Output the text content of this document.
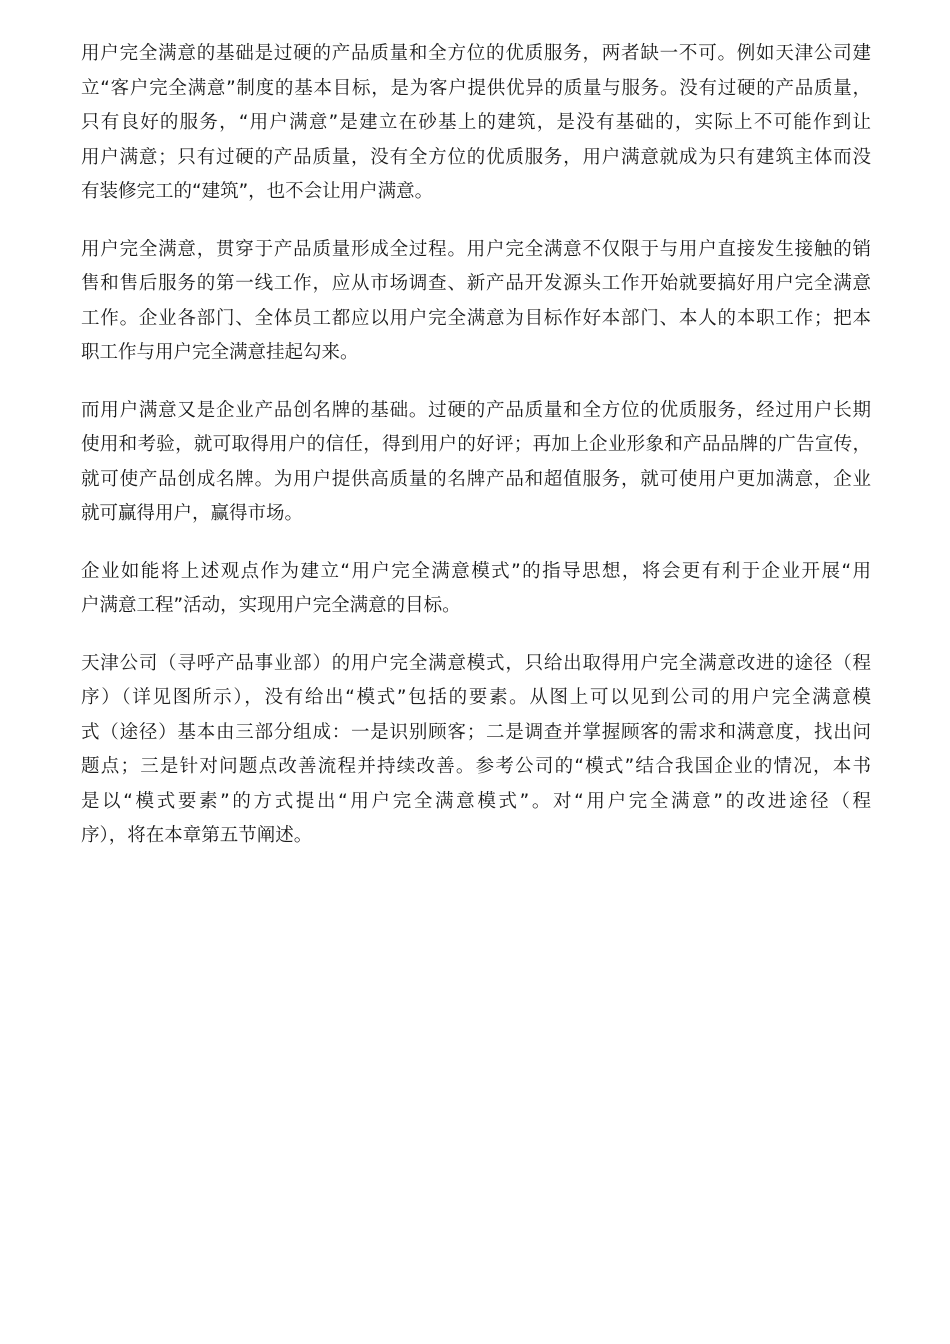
用户完全满意的基础是过硬的产品质量和全方位的优质服务，两者缺一不可。例如天津公司建
立“客户完全满意”制度的基本目标，是为客户提供优异的质量与服务。没有过硬的产品质量，
只有良好的服务，“用户满意”是建立在砂基上的建筑，是没有基础的，实际上不可能作到让
用户满意；只有过硬的产品质量，没有全方位的优质服务，用户满意就成为只有建筑主体而没
有装修完工的“建筑”，也不会让用户满意。
用户完全满意，贯穿于产品质量形成全过程。用户完全满意不仅限于与用户直接发生接触的销
售和售后服务的第一线工作，应从市场调查、新产品开发源头工作开始就要搞好用户完全满意
工作。企业各部门、全体员工都应以用户完全满意为目标作好本部门、本人的本职工作；把本
职工作与用户完全满意挂起勾来。
而用户满意又是企业产品创名牌的基础。过硬的产品质量和全方位的优质服务，经过用户长期
使用和考验，就可取得用户的信任，得到用户的好评；再加上企业形象和产品品牌的广告宣传，
就可使产品创成名牌。为用户提供高质量的名牌产品和超值服务，就可使用户更加满意，企业
就可赢得用户，赢得市场。
企业如能将上述观点作为建立“用户完全满意模式”的指导思想，将会更有利于企业开展“用
户满意工程”活动，实现用户完全满意的目标。
天津公司（寻呼产品事业部）的用户完全满意模式，只给出取得用户完全满意改进的途径（程
序）（详见图所示），没有给出“模式”包括的要素。从图上可以见到公司的用户完全满意模
式（途径）基本由三部分组成：一是识别顾客；二是调查并掌握顾客的需求和满意度，找出问
题点；三是针对问题点改善流程并持续改善。参考公司的“模式”结合我国企业的情况，本书
是以“模式要素”的方式提出“用户完全满意模式”。对“用户完全满意”的改进途径（程
序），将在本章第五节阐述。
